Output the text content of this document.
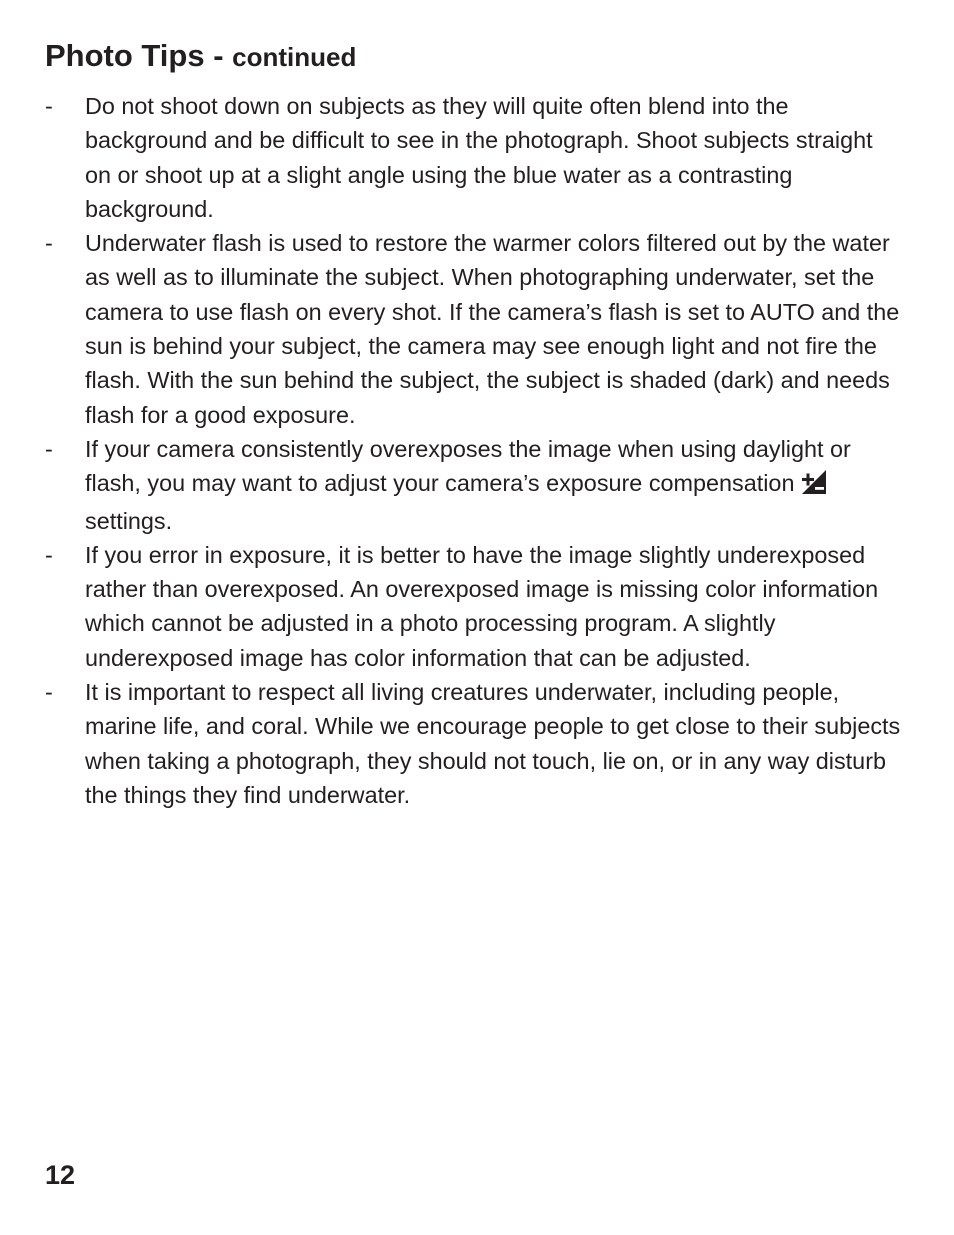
Photo Tips - continued
- Do not shoot down on subjects as they will quite often blend into the background and be difficult to see in the photograph. Shoot subjects straight on or shoot up at a slight angle using the blue water as a contrasting background.
- Underwater flash is used to restore the warmer colors filtered out by the water as well as to illuminate the subject. When photographing underwater, set the camera to use flash on every shot. If the camera’s flash is set to AUTO and the sun is behind your subject, the camera may see enough light and not fire the flash. With the sun behind the subject, the subject is shaded (dark) and needs flash for a good exposure.
- If your camera consistently overexposes the image when using daylight or flash, you may want to adjust your camera’s exposure compensation settings.
- If you error in exposure, it is better to have the image slightly underexposed rather than overexposed. An overexposed image is missing color information which cannot be adjusted in a photo processing program. A slightly underexposed image has color information that can be adjusted.
- It is important to respect all living creatures underwater, including people, marine life, and coral. While we encourage people to get close to their subjects when taking a photograph, they should not touch, lie on, or in any way disturb the things they find underwater.

12
